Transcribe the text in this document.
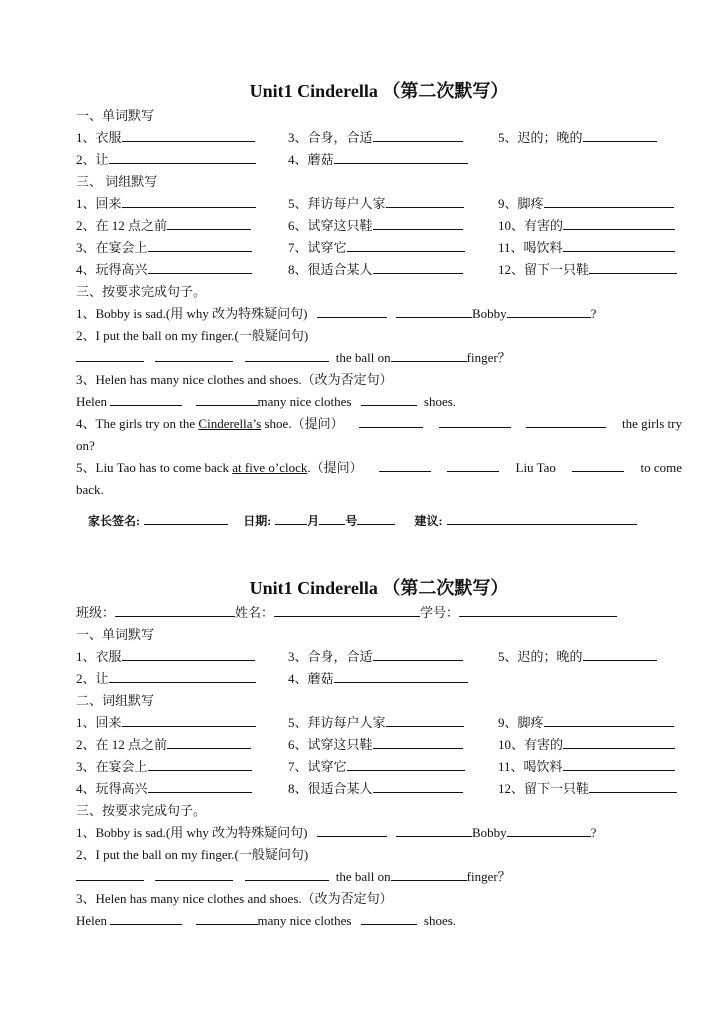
Unit1 Cinderella （第二次默写）
一、单词默写
1、衣服	3、合身，合适	5、迟的；晚的
2、让	4、蘑菇
三、 词组默写
1、回来	5、拜访每户人家	9、脚疼
2、在 12 点之前	6、试穿这只鞋	10、有害的
3、在宴会上	7、试穿它	11、喝饮料
4、玩得高兴	8、很适合某人	12、留下一只鞋
三、按要求完成句子。
1、Bobby is sad.(用 why 改为特殊疑问句)	Bobby	?
2、I put the ball on my finger.(一般疑问句)
the ball on	finger？
3、Helen has many nice clothes and shoes.（改为否定句）
Helen	many nice clothes	shoes.
4、The girls try on the Cinderella’s shoe.（提问）	the girls try
on?
5、Liu Tao has to come back at five o’clock.（提问）	Liu Tao	to come
back.
家长签名:	日期:	月 号	建议:
Unit1 Cinderella （第二次默写）
班级：	姓名：	学号：
一、单词默写
1、衣服	3、合身，合适	5、迟的；晚的
2、让	4、蘑菇
二、词组默写
1、回来	5、拜访每户人家	9、脚疼
2、在 12 点之前	6、试穿这只鞋	10、有害的
3、在宴会上	7、试穿它	11、喝饮料
4、玩得高兴	8、很适合某人	12、留下一只鞋
三、按要求完成句子。
1、Bobby is sad.(用 why 改为特殊疑问句)	Bobby	?
2、I put the ball on my finger.(一般疑问句)
the ball on	finger？
3、Helen has many nice clothes and shoes.（改为否定句）
Helen	many nice clothes	shoes.
